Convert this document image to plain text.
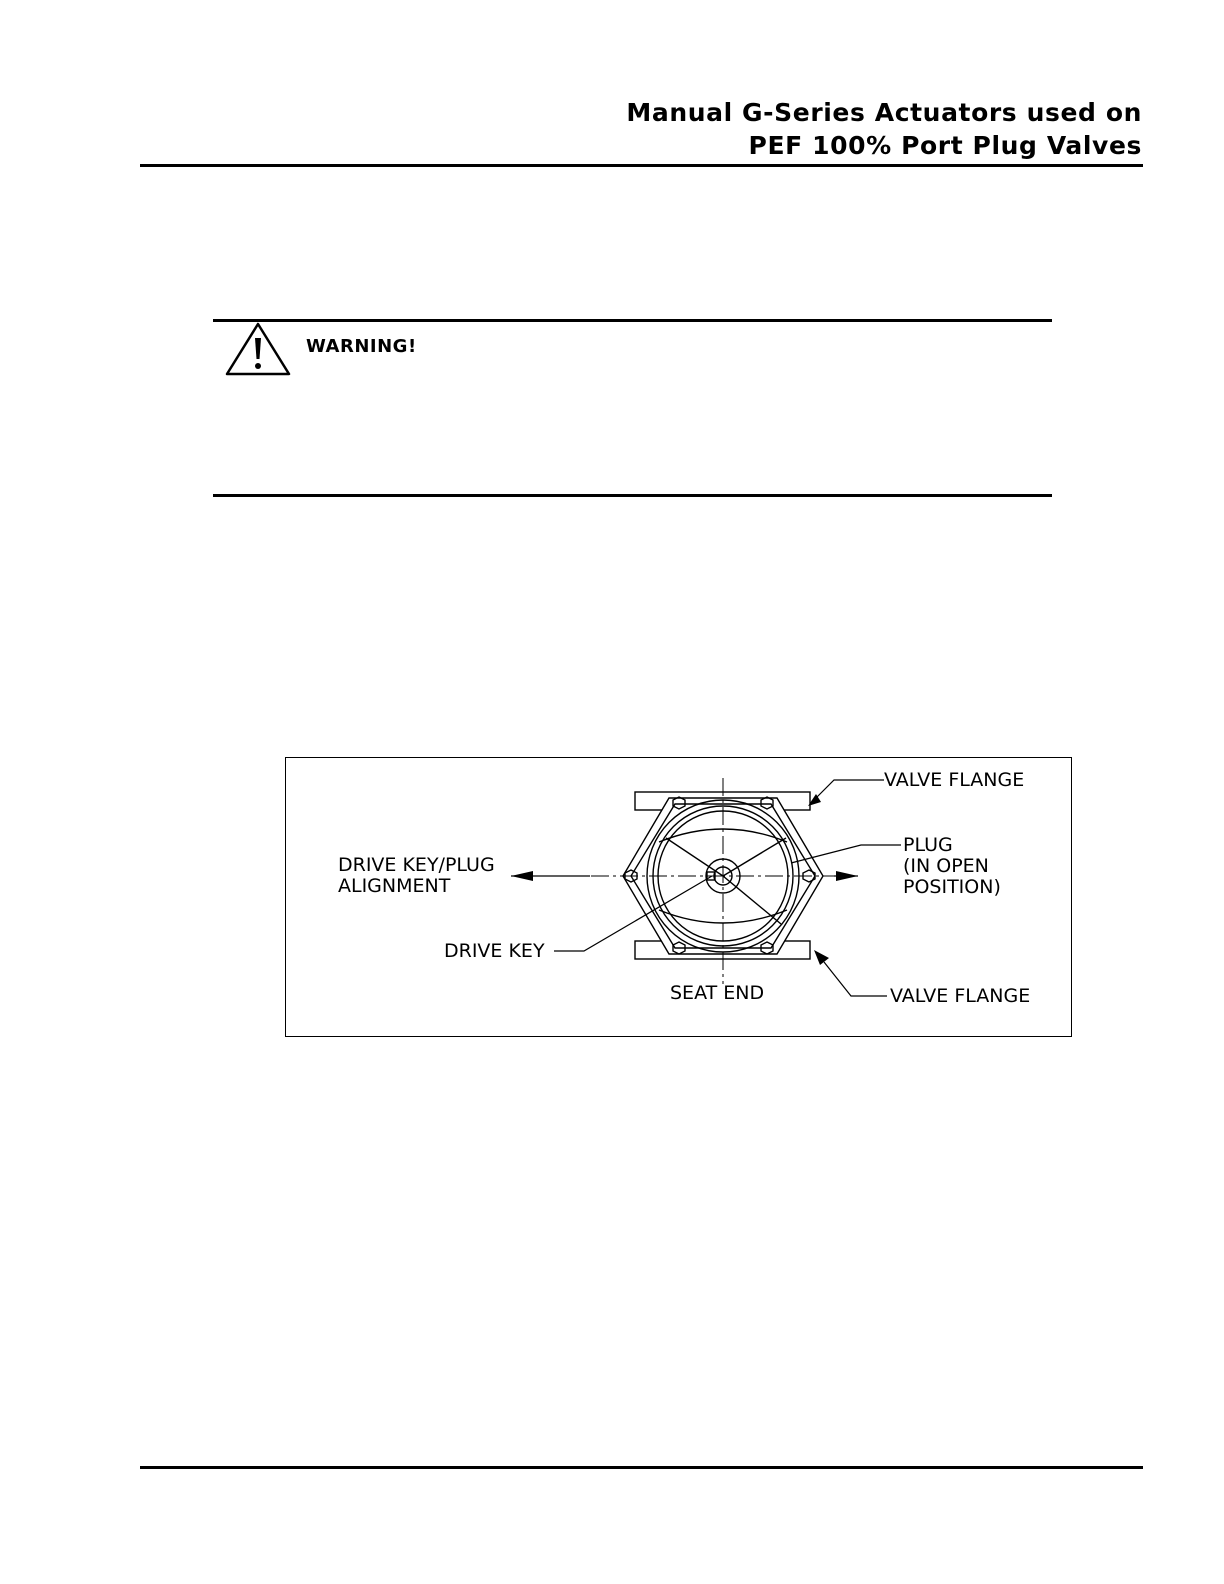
Manual G-Series Actuators used on
PEF 100% Port Plug Valves
WARNING!
VALVE FLANGE
DRIVE KEY/PLUG
ALIGNMENT
PLUG
(IN OPEN
POSITION)
DRIVE KEY
SEAT END	VALVE FLANGE
